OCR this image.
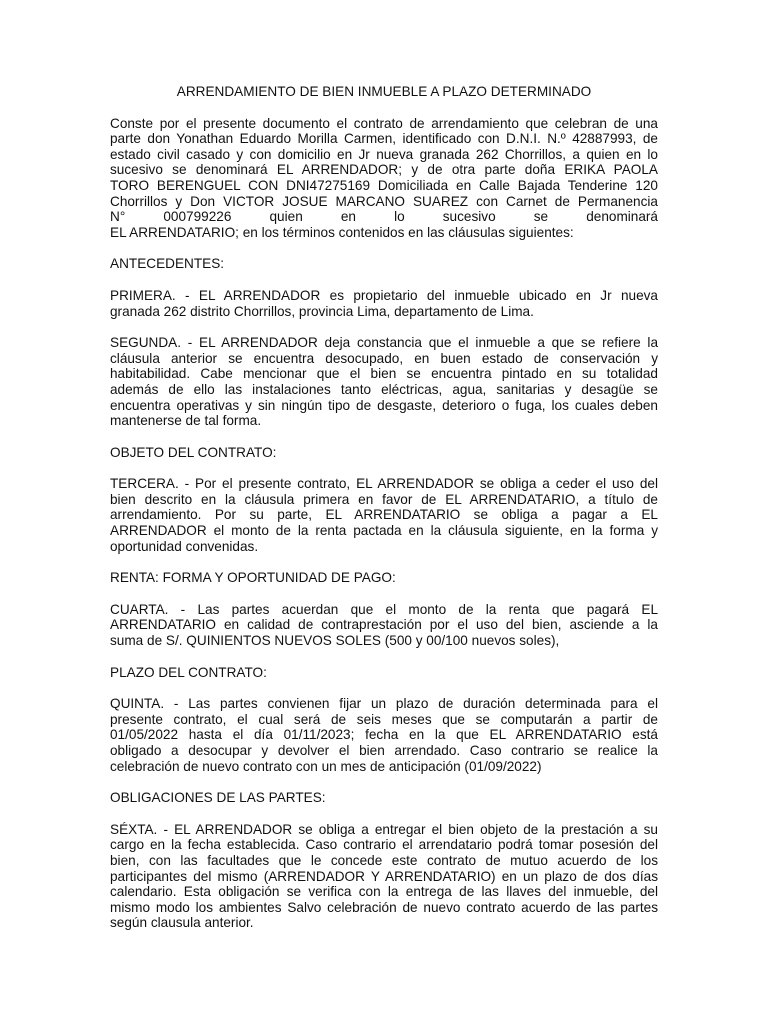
ARRENDAMIENTO DE BIEN INMUEBLE A PLAZO DETERMINADO
Conste por el presente documento el contrato de arrendamiento que celebran de una
parte don Yonathan Eduardo Morilla Carmen, identificado con D.N.I. N.º 42887993, de
estado civil casado y con domicilio en Jr nueva granada 262 Chorrillos, a quien en lo
sucesivo se denominará EL ARRENDADOR; y de otra parte doña ERIKA PAOLA
TORO BERENGUEL CON DNI47275169 Domiciliada en Calle Bajada Tenderine 120
Chorrillos y Don VICTOR JOSUE MARCANO SUAREZ con Carnet de Permanencia
N° 000799226 quien en lo sucesivo se denominará
EL ARRENDATARIO; en los términos contenidos en las cláusulas siguientes:
ANTECEDENTES:
PRIMERA. - EL ARRENDADOR es propietario del inmueble ubicado en Jr nueva
granada 262 distrito Chorrillos, provincia Lima, departamento de Lima.
SEGUNDA. - EL ARRENDADOR deja constancia que el inmueble a que se refiere la
cláusula anterior se encuentra desocupado, en buen estado de conservación y
habitabilidad. Cabe mencionar que el bien se encuentra pintado en su totalidad
además de ello las instalaciones tanto eléctricas, agua, sanitarias y desagüe se
encuentra operativas y sin ningún tipo de desgaste, deterioro o fuga, los cuales deben
mantenerse de tal forma.
OBJETO DEL CONTRATO:
TERCERA. - Por el presente contrato, EL ARRENDADOR se obliga a ceder el uso del
bien descrito en la cláusula primera en favor de EL ARRENDATARIO, a título de
arrendamiento. Por su parte, EL ARRENDATARIO se obliga a pagar a EL
ARRENDADOR el monto de la renta pactada en la cláusula siguiente, en la forma y
oportunidad convenidas.
RENTA: FORMA Y OPORTUNIDAD DE PAGO:
CUARTA. - Las partes acuerdan que el monto de la renta que pagará EL
ARRENDATARIO en calidad de contraprestación por el uso del bien, asciende a la
suma de S/. QUINIENTOS NUEVOS SOLES (500 y 00/100 nuevos soles),
PLAZO DEL CONTRATO:
QUINTA. - Las partes convienen fijar un plazo de duración determinada para el
presente contrato, el cual será de seis meses que se computarán a partir de
01/05/2022 hasta el día 01/11/2023; fecha en la que EL ARRENDATARIO está
obligado a desocupar y devolver el bien arrendado. Caso contrario se realice la
celebración de nuevo contrato con un mes de anticipación (01/09/2022)
OBLIGACIONES DE LAS PARTES:
SÉXTA. - EL ARRENDADOR se obliga a entregar el bien objeto de la prestación a su
cargo en la fecha establecida. Caso contrario el arrendatario podrá tomar posesión del
bien, con las facultades que le concede este contrato de mutuo acuerdo de los
participantes del mismo (ARRENDADOR Y ARRENDATARIO) en un plazo de dos días
calendario. Esta obligación se verifica con la entrega de las llaves del inmueble, del
mismo modo los ambientes Salvo celebración de nuevo contrato acuerdo de las partes
según clausula anterior.
